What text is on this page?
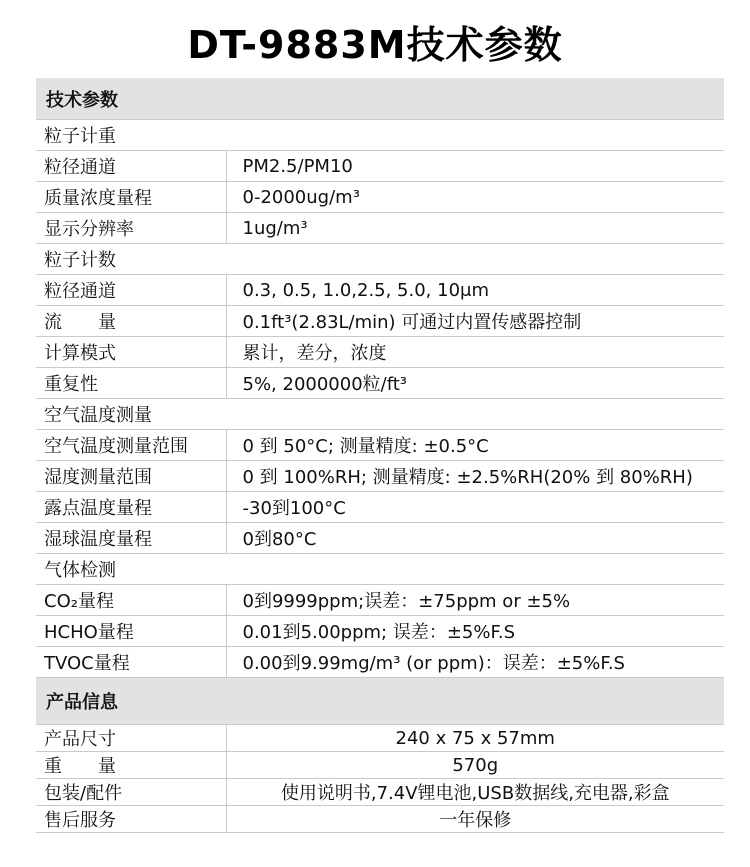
DT-9883M技术参数
技术参数	
粒子计重	
粒径通道	PM2.5/PM10
质量浓度量程	0-2000ug/m³
显示分辨率	1ug/m³
粒子计数	
粒径通道	0.3, 0.5, 1.0,2.5, 5.0, 10μm
流　　量	0.1ft³(2.83L/min) 可通过内置传感器控制
计算模式	累计，差分，浓度
重复性	5%, 2000000粒/ft³
空气温度测量	
空气温度测量范围	0 到 50°C; 测量精度: ±0.5°C
湿度测量范围	0 到 100%RH; 测量精度: ±2.5%RH(20% 到 80%RH)
露点温度量程	-30到100°C
湿球温度量程	0到80°C
气体检测	
CO₂量程	0到9999ppm;误差：±75ppm or ±5%
HCHO量程	0.01到5.00ppm; 误差：±5%F.S
TVOC量程	0.00到9.99mg/m³ (or ppm)：误差：±5%F.S
产品信息	
产品尺寸	240 x 75 x 57mm
重　　量	570g
包装/配件	使用说明书,7.4V锂电池,USB数据线,充电器,彩盒
售后服务	一年保修
